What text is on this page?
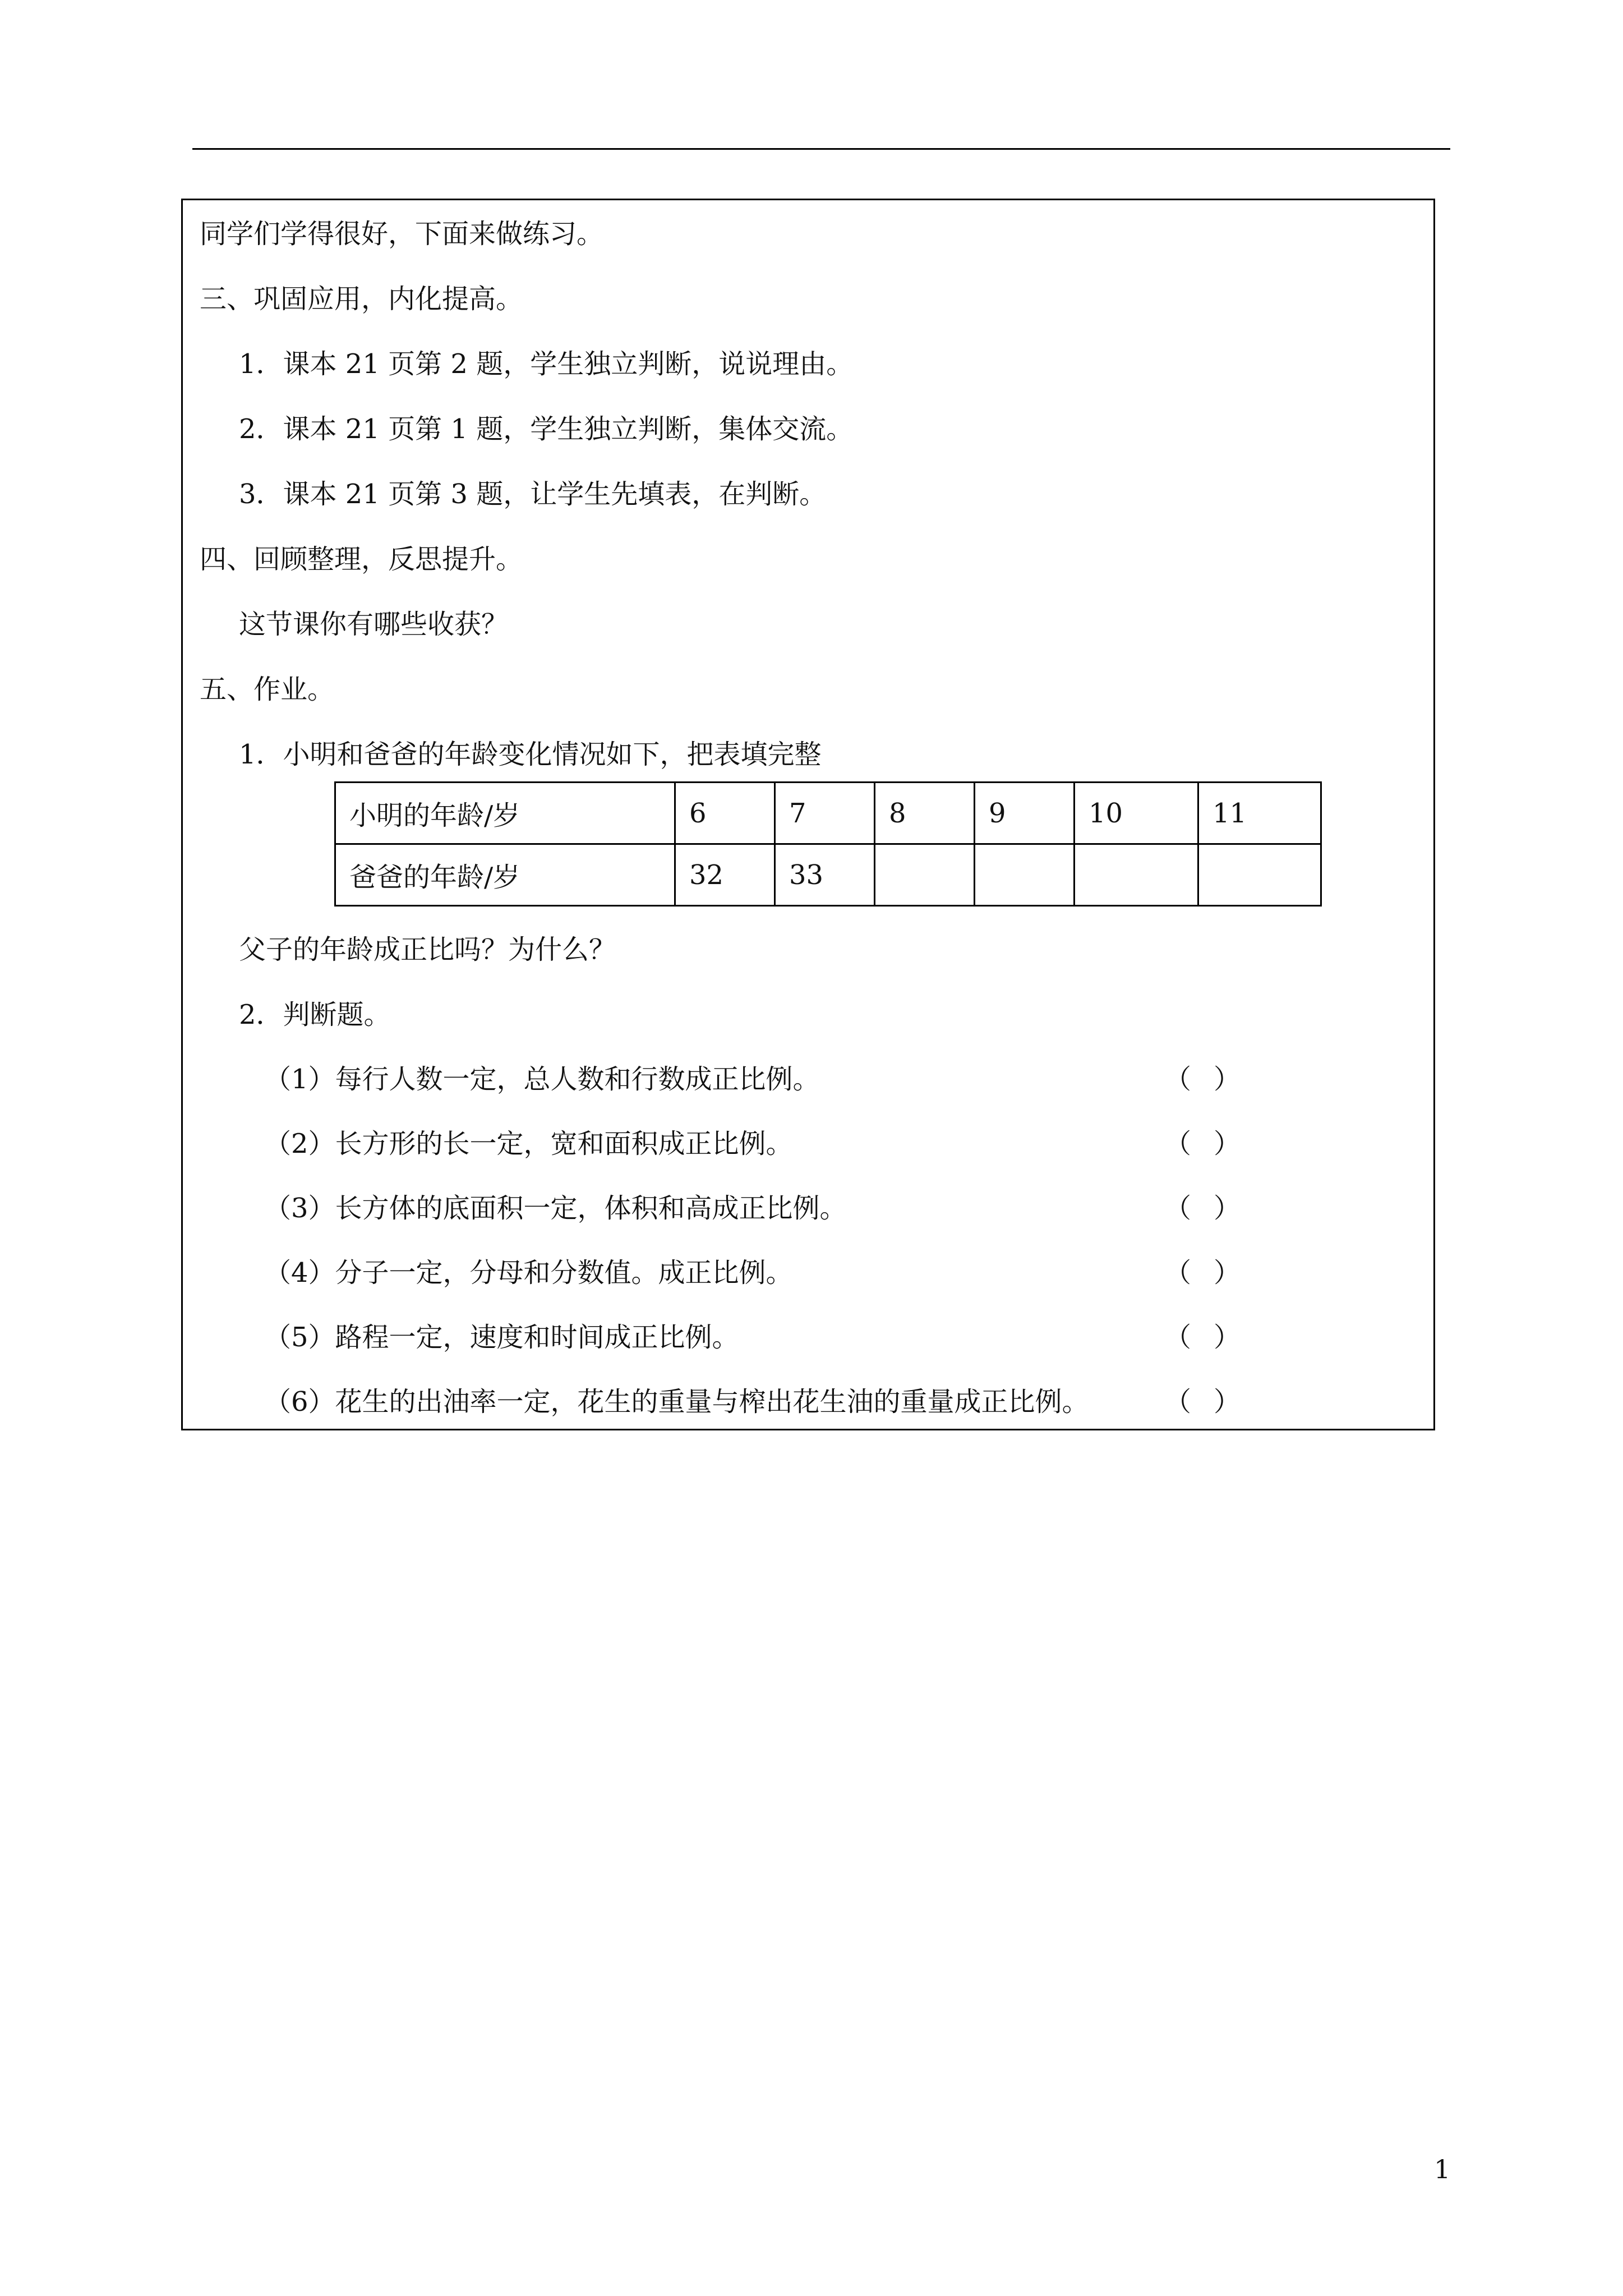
同学们学得很好，下面来做练习。
三、巩固应用，内化提高。
1．课本 21 页第 2 题，学生独立判断，说说理由。
2．课本 21 页第 1 题，学生独立判断，集体交流。
3．课本 21 页第 3 题，让学生先填表，在判断。
四、回顾整理，反思提升。
这节课你有哪些收获？
五、作业。
1．小明和爸爸的年龄变化情况如下，把表填完整
小明的年龄/岁	6	7	8	9	10	11
爸爸的年龄/岁	32	33				
父子的年龄成正比吗？为什么？
2．判断题。
（1）每行人数一定，总人数和行数成正比例。	（）
（2）长方形的长一定，宽和面积成正比例。	（）
（3）长方体的底面积一定，体积和高成正比例。	（）
（4）分子一定，分母和分数值。成正比例。	（）
（5）路程一定，速度和时间成正比例。	（）
（6）花生的出油率一定，花生的重量与榨出花生油的重量成正比例。	（）
1
